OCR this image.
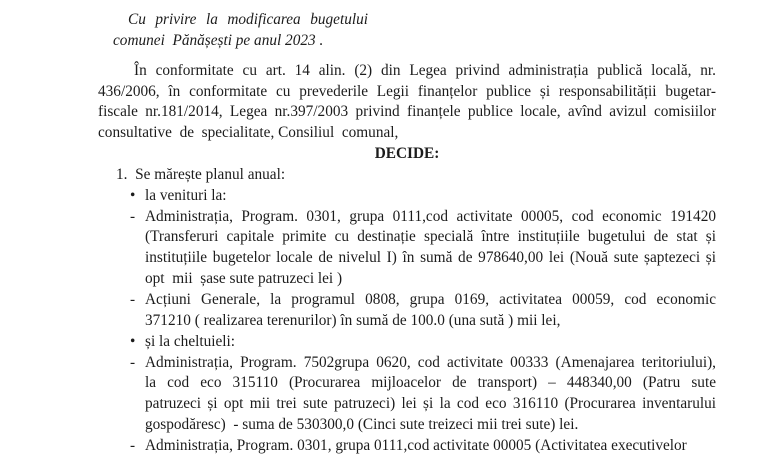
Cu privire la modificarea bugetului
comunei  Pănășești pe anul 2023 .
În conformitate cu art. 14 alin. (2) din Legea privind administrația publică locală, nr.
436/2006, în conformitate cu prevederile Legii finanțelor publice și responsabilității bugetar-
fiscale nr.181/2014, Legea nr.397/2003 privind finanțele publice locale, avînd avizul comisiilor
consultative  de  specialitate, Consiliul  comunal,
DECIDE:
1.  Se mărește planul anual:
• la venituri la:
- Administrația, Program. 0301, grupa 0111,cod activitate 00005, cod economic 191420
(Transferuri capitale primite cu destinație specială între instituțiile bugetului de stat și
instituțiile bugetelor locale de nivelul I) în sumă de 978640,00 lei (Nouă sute șaptezeci și
opt  mii  șase sute patruzeci lei )
- Acțiuni Generale, la programul 0808, grupa 0169, activitatea 00059, cod economic
371210 ( realizarea terenurilor) în sumă de 100.0 (una sută ) mii lei,
• și la cheltuieli:
- Administrația, Program. 7502grupa 0620, cod activitate 00333 (Amenajarea teritoriului),
la cod eco 315110 (Procurarea mijloacelor de transport) – 448340,00 (Patru sute
patruzeci și opt mii trei sute patruzeci) lei și la cod eco 316110 (Procurarea inventarului
gospodăresc)  - suma de 530300,0 (Cinci sute treizeci mii trei sute) lei.
- Administrația, Program. 0301, grupa 0111,cod activitate 00005 (Activitatea executivelor
